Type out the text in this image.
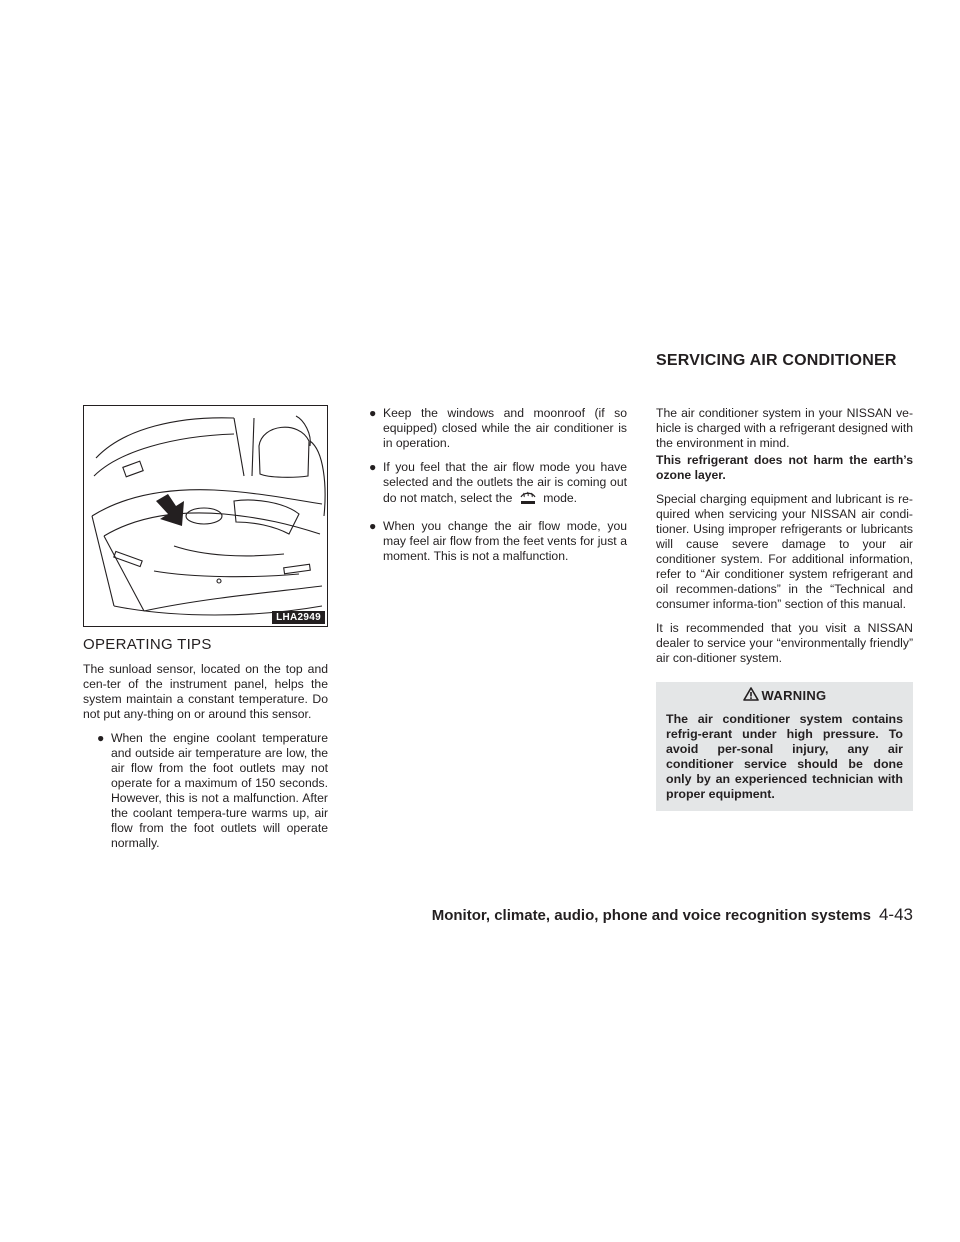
SERVICING AIR CONDITIONER
LHA2949
OPERATING TIPS

The sunload sensor, located on the top and cen-ter of the instrument panel, helps the system maintain a constant temperature. Do not put any-thing on or around this sensor.

● When the engine coolant temperature and outside air temperature are low, the air flow from the foot outlets may not operate for a maximum of 150 seconds. However, this is not a malfunction. After the coolant tempera-ture warms up, air flow from the foot outlets will operate normally.
● Keep the windows and moonroof (if so equipped) closed while the air conditioner is in operation.
● If you feel that the air flow mode you have selected and the outlets the air is coming out do not match, select the	mode.
● When you change the air flow mode, you may feel air flow from the feet vents for just a moment. This is not a malfunction.

The air conditioner system in your NISSAN ve-hicle is charged with a refrigerant designed with the environment in mind.

This refrigerant does not harm the earth’s ozone layer.

Special charging equipment and lubricant is re-quired when servicing your NISSAN air condi-tioner. Using improper refrigerants or lubricants will cause severe damage to your air conditioner system. For additional information, refer to “Air conditioner system refrigerant and oil recommen-dations” in the “Technical and consumer informa-tion” section of this manual.

It is recommended that you visit a NISSAN dealer to service your “environmentally friendly” air con-ditioner system.

WARNING

The air conditioner system contains refrig-erant under high pressure. To avoid per-sonal injury, any air conditioner service should be done only by an experienced technician with proper equipment.

Monitor, climate, audio, phone and voice recognition systems 4-43
